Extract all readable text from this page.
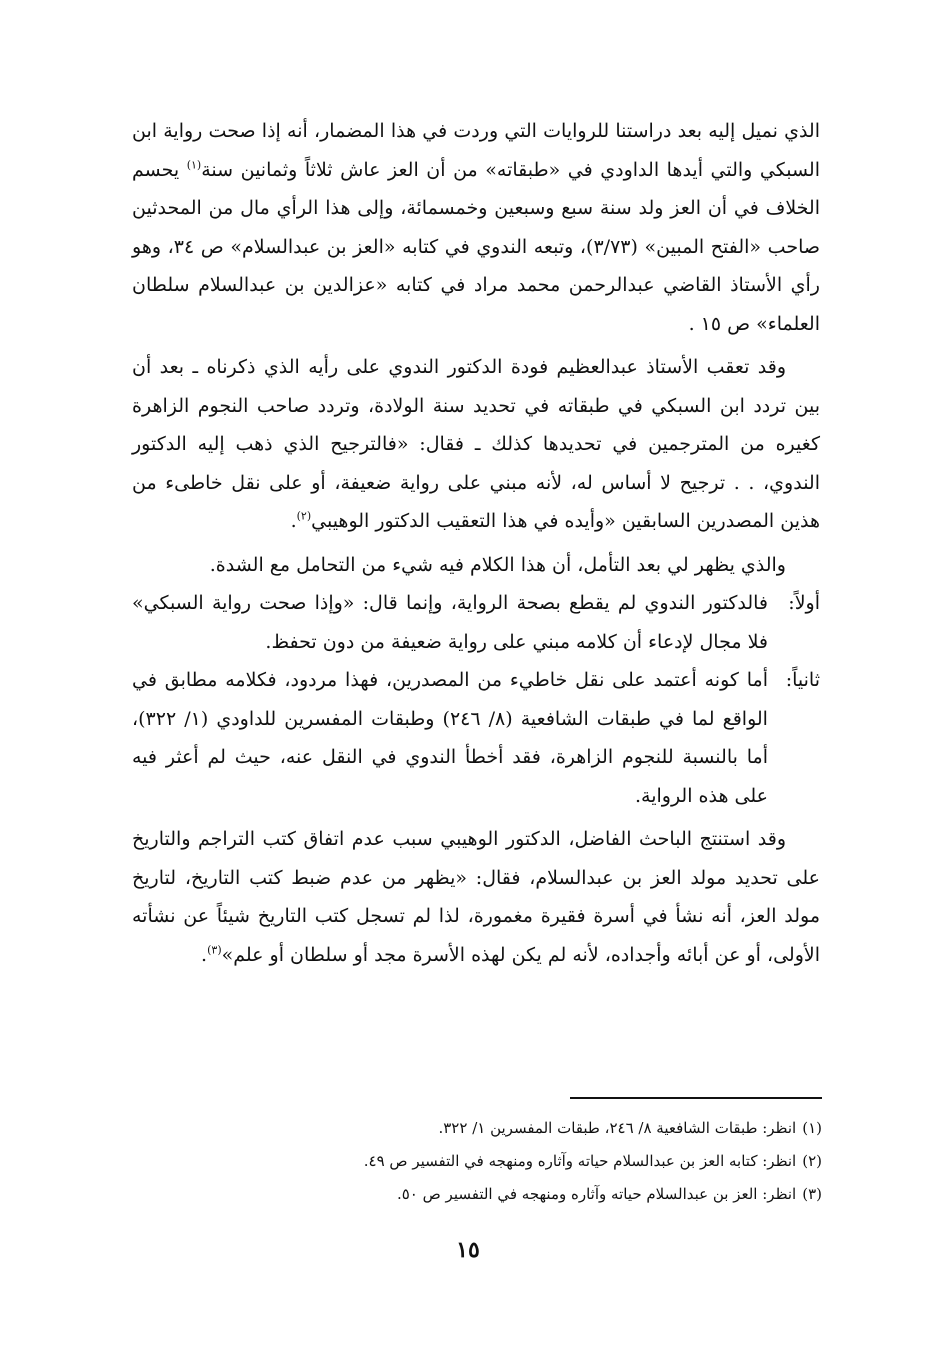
الذي نميل إليه بعد دراستنا للروايات التي وردت في هذا المضمار، أنه إذا صحت رواية ابن السبكي والتي أيدها الداودي في «طبقاته» من أن العز عاش ثلاثاً وثمانين سنة$^{(١)}$ يحسم الخلاف في أن العز ولد سنة سبع وسبعين وخمسمائة، وإلى هذا الرأي مال من المحدثين صاحب «الفتح المبين» (٣/٧٣)، وتبعه الندوي في كتابه «العز بن عبدالسلام» ص ٣٤، وهو رأي الأستاذ القاضي عبدالرحمن محمد مراد في كتابه «عزالدين بن عبدالسلام سلطان العلماء» ص ١٥ .

وقد تعقب الأستاذ عبدالعظيم فودة الدكتور الندوي على رأيه الذي ذكرناه ـ بعد أن بين تردد ابن السبكي في طبقاته في تحديد سنة الولادة، وتردد صاحب النجوم الزاهرة كغيره من المترجمين في تحديدها كذلك ـ فقال: «فالترجيح الذي ذهب إليه الدكتور الندوي، . . ترجيح لا أساس له، لأنه مبني على رواية ضعيفة، أو على نقل خاطىء من هذين المصدرين السابقين «وأيده في هذا التعقيب الدكتور الوهيبي$^{(٢)}$.

والذي يظهر لي بعد التأمل، أن هذا الكلام فيه شيء من التحامل مع الشدة.

أولاً:
فالدكتور الندوي لم يقطع بصحة الرواية، وإنما قال: «وإذا صحت رواية السبكي» فلا مجال لإدعاء أن كلامه مبني على رواية ضعيفة من دون تحفظ.

ثانياً:
أما كونه أعتمد على نقل خاطيء من المصدرين، فهذا مردود، فكلامه مطابق في الواقع لما في طبقات الشافعية (٨/ ٢٤٦) وطبقات المفسرين للداودي (١/ ٣٢٢)، أما بالنسبة للنجوم الزاهرة، فقد أخطأ الندوي في النقل عنه، حيث لم أعثر فيه على هذه الرواية.

وقد استنتج الباحث الفاضل، الدكتور الوهيبي سبب عدم اتفاق كتب التراجم والتاريخ على تحديد مولد العز بن عبدالسلام، فقال: «يظهر من عدم ضبط كتب التاريخ، لتاريخ مولد العز، أنه نشأ في أسرة فقيرة مغمورة، لذا لم تسجل كتب التاريخ شيئاً عن نشأته الأولى، أو عن أبائه وأجداده، لأنه لم يكن لهذه الأسرة مجد أو سلطان أو علم»$^{(٣)}$.

(١)انظر: طبقات الشافعية ٨/ ٢٤٦، طبقات المفسرين ١/ ٣٢٢.

(٢)انظر: كتابه العز بن عبدالسلام حياته وآثاره ومنهجه في التفسير ص ٤٩.

(٣)انظر: العز بن عبدالسلام حياته وآثاره ومنهجه في التفسير ص ٥٠.

١٥
